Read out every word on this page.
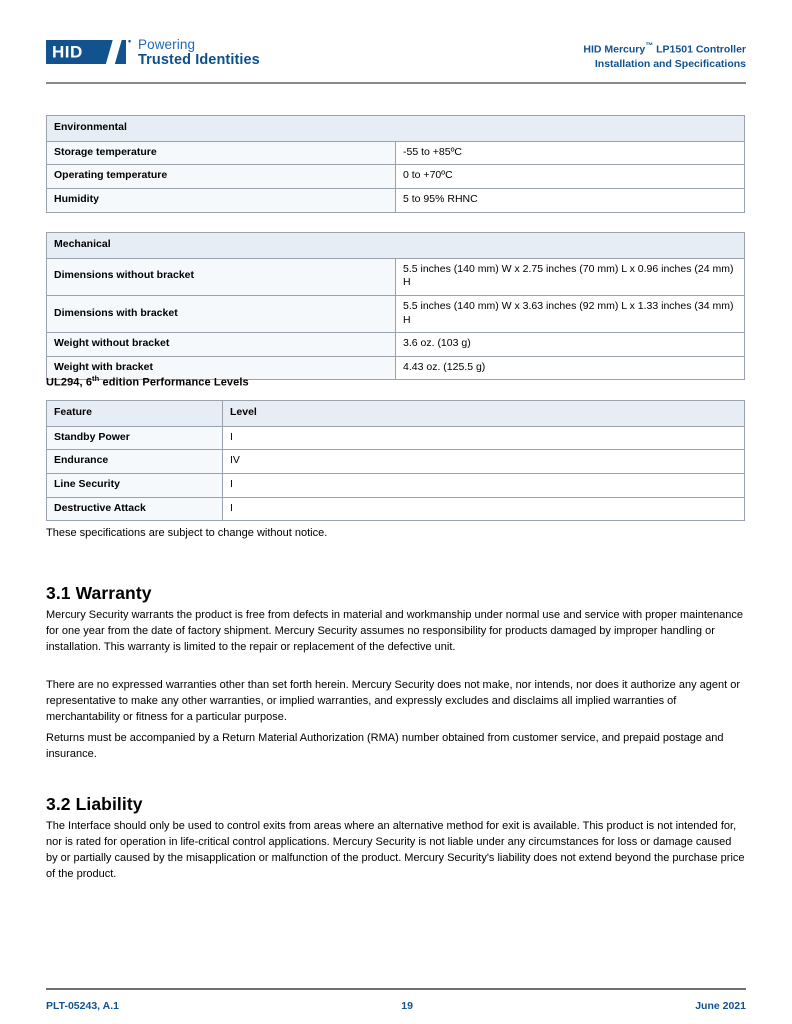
HID
• Powering
Trusted Identities
HID Mercury™ LP1501 Controller
Installation and Specifications
Environmental	
Storage temperature	-55 to +85ºC
Operating temperature	0 to +70ºC
Humidity	5 to 95% RHNC
Mechanical	
Dimensions without bracket	5.5 inches (140 mm) W x 2.75 inches (70 mm) L x 0.96 inches (24 mm) H
Dimensions with bracket	5.5 inches (140 mm) W x 3.63 inches (92 mm) L x 1.33 inches (34 mm) H
Weight without bracket	3.6 oz. (103 g)
Weight with bracket	4.43 oz. (125.5 g)
UL294, 6th edition Performance Levels
Feature	Level
Standby Power	I
Endurance	IV
Line Security	I
Destructive Attack	I
These specifications are subject to change without notice.
3.1 Warranty

Mercury Security warrants the product is free from defects in material and workmanship under normal use and service with proper maintenance for one year from the date of factory shipment. Mercury Security assumes no responsibility for products damaged by improper handling or installation. This warranty is limited to the repair or replacement of the defective unit.

There are no expressed warranties other than set forth herein. Mercury Security does not make, nor intends, nor does it authorize any agent or representative to make any other warranties, or implied warranties, and expressly excludes and disclaims all implied warranties of merchantability or fitness for a particular purpose.

Returns must be accompanied by a Return Material Authorization (RMA) number obtained from customer service, and prepaid postage and insurance.

3.2 Liability

The Interface should only be used to control exits from areas where an alternative method for exit is available. This product is not intended for, nor is rated for operation in life-critical control applications. Mercury Security is not liable under any circumstances for loss or damage caused by or partially caused by the misapplication or malfunction of the product. Mercury Security's liability does not extend beyond the purchase price of the product.

PLT-05243, A.1	19	June 2021
